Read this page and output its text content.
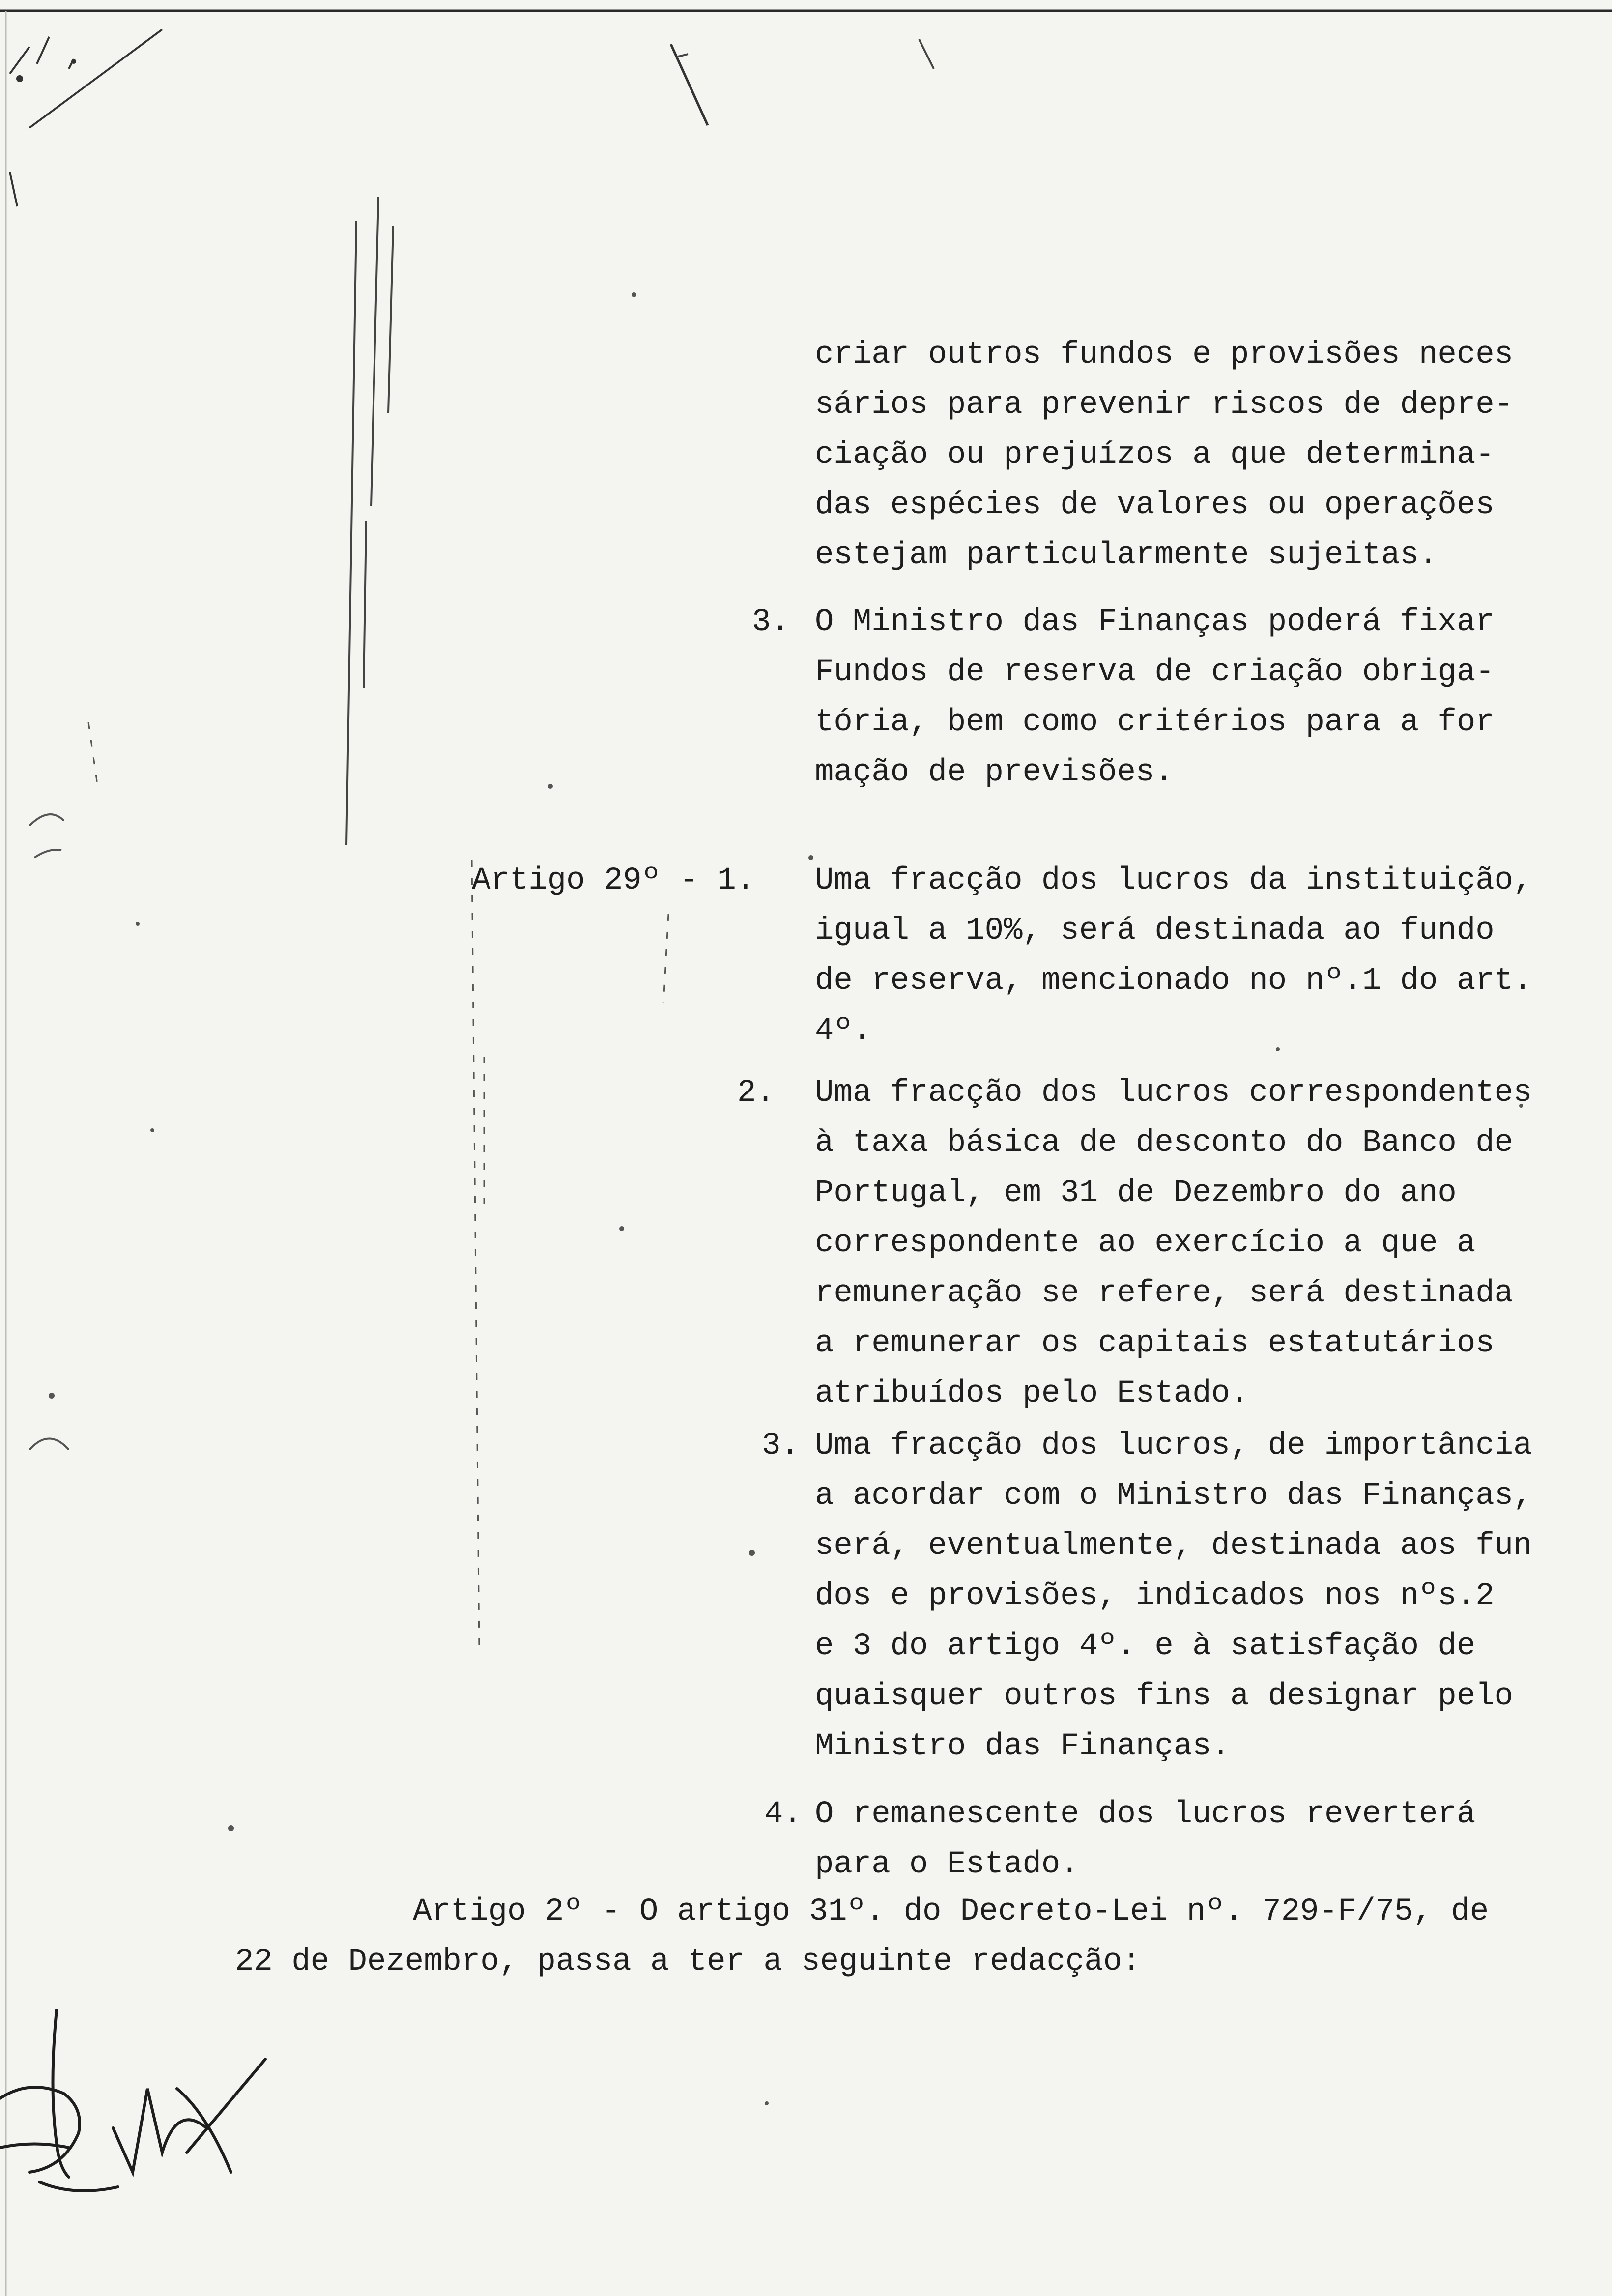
criar outros fundos e provisões neces
sários para prevenir riscos de depre-
ciação ou prejuízos a que determina-
das espécies de valores ou operações
estejam particularmente sujeitas.
3. O Ministro das Finanças poderá fixar
Fundos de reserva de criação obriga-
tória, bem como critérios para a for
mação de previsões.
Artigo 29º - 1. Uma fracção dos lucros da instituição,
igual a 10%, será destinada ao fundo
de reserva, mencionado no nº.1 do art.
4º.
2. Uma fracção dos lucros correspondentes
à taxa básica de desconto do Banco de
Portugal, em 31 de Dezembro do ano
correspondente ao exercício a que a
remuneração se refere, será destinada
a remunerar os capitais estatutários
atribuídos pelo Estado.
3. Uma fracção dos lucros, de importância
a acordar com o Ministro das Finanças,
será, eventualmente, destinada aos fun
dos e provisões, indicados nos nºs.2
e 3 do artigo 4º. e à satisfação de
quaisquer outros fins a designar pelo
Ministro das Finanças.
4. O remanescente dos lucros reverterá
para o Estado.
Artigo 2º - O artigo 31º. do Decreto-Lei nº. 729-F/75, de
22 de Dezembro, passa a ter a seguinte redacção:
